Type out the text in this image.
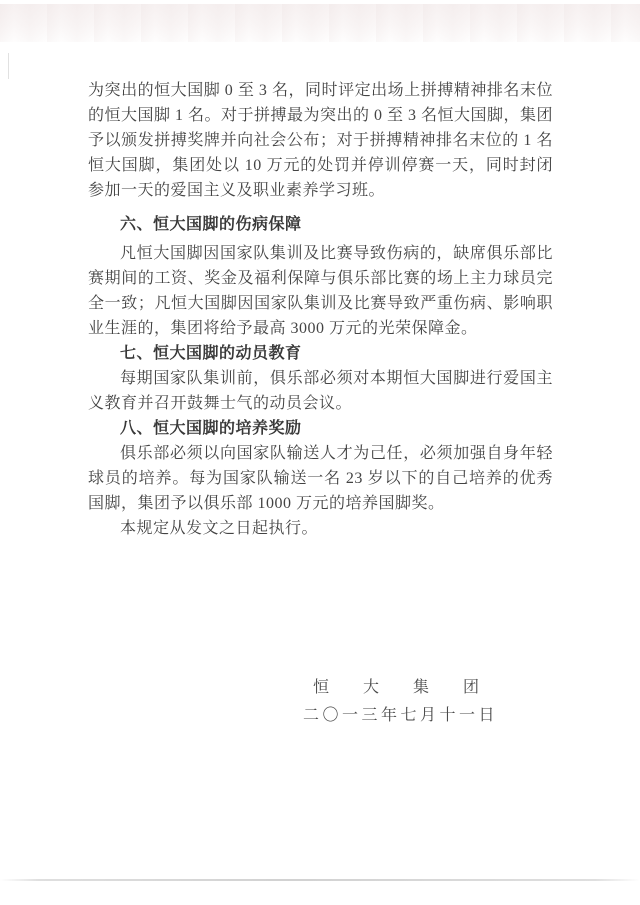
为突出的恒大国脚 0 至 3 名，同时评定出场上拼搏精神排名末位的恒大国脚 1 名。对于拼搏最为突出的 0 至 3 名恒大国脚，集团予以颁发拼搏奖牌并向社会公布；对于拼搏精神排名末位的 1 名恒大国脚，集团处以 10 万元的处罚并停训停赛一天，同时封闭参加一天的爱国主义及职业素养学习班。

六、恒大国脚的伤病保障

凡恒大国脚因国家队集训及比赛导致伤病的，缺席俱乐部比赛期间的工资、奖金及福利保障与俱乐部比赛的场上主力球员完全一致；凡恒大国脚因国家队集训及比赛导致严重伤病、影响职业生涯的，集团将给予最高 3000 万元的光荣保障金。

七、恒大国脚的动员教育

每期国家队集训前，俱乐部必须对本期恒大国脚进行爱国主义教育并召开鼓舞士气的动员会议。

八、恒大国脚的培养奖励

俱乐部必须以向国家队输送人才为己任，必须加强自身年轻球员的培养。每为国家队输送一名 23 岁以下的自己培养的优秀国脚，集团予以俱乐部 1000 万元的培养国脚奖。

本规定从发文之日起执行。

恒　大　集　团
二〇一三年七月十一日
